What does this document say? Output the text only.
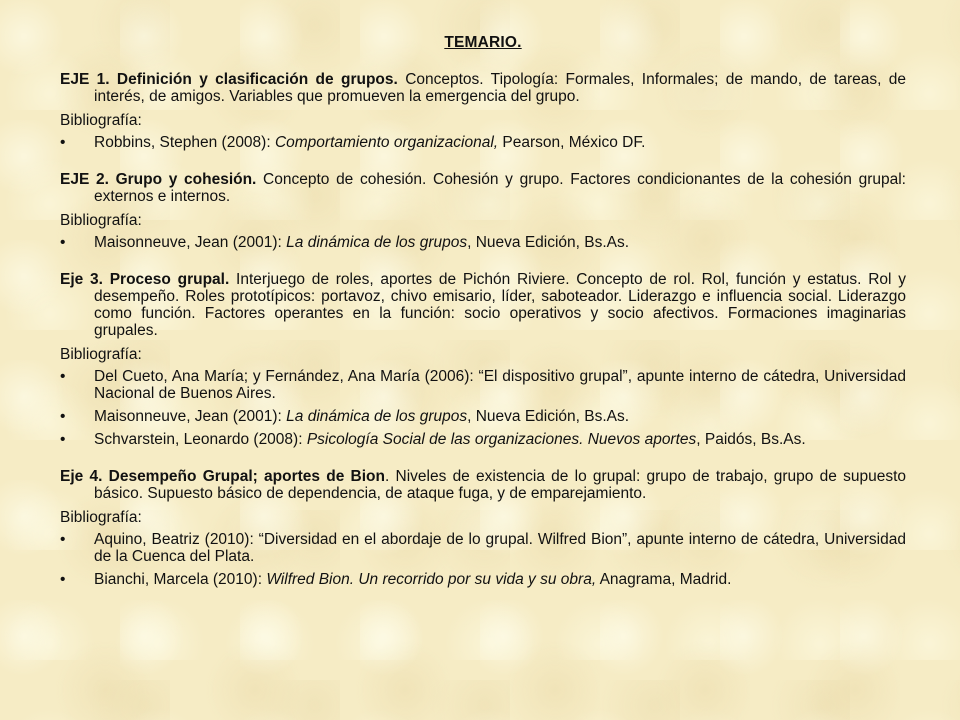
TEMARIO.

EJE 1. Definición y clasificación de grupos. Conceptos. Tipología: Formales, Informales; de mando, de tareas, de interés, de amigos. Variables que promueven la emergencia del grupo.

Bibliografía:
•	Robbins, Stephen (2008): Comportamiento organizacional, Pearson, México DF.

EJE 2. Grupo y cohesión. Concepto de cohesión. Cohesión y grupo. Factores condicionantes de la cohesión grupal: externos e internos.

Bibliografía:
•	Maisonneuve, Jean (2001): La dinámica de los grupos, Nueva Edición, Bs.As.

Eje 3. Proceso grupal. Interjuego de roles, aportes de Pichón Riviere. Concepto de rol. Rol, función y estatus. Rol y desempeño. Roles prototípicos: portavoz, chivo emisario, líder, saboteador. Liderazgo e influencia social. Liderazgo como función. Factores operantes en la función: socio operativos y socio afectivos. Formaciones imaginarias grupales.

Bibliografía:
•	Del Cueto, Ana María; y Fernández, Ana María (2006): “El dispositivo grupal”, apunte interno de cátedra, Universidad Nacional de Buenos Aires.
•	Maisonneuve, Jean (2001): La dinámica de los grupos, Nueva Edición, Bs.As.
•	Schvarstein, Leonardo (2008): Psicología Social de las organizaciones. Nuevos aportes, Paidós, Bs.As.

Eje 4. Desempeño Grupal; aportes de Bion. Niveles de existencia de lo grupal: grupo de trabajo, grupo de supuesto básico. Supuesto básico de dependencia, de ataque fuga, y de emparejamiento.

Bibliografía:
•	Aquino, Beatriz (2010): “Diversidad en el abordaje de lo grupal. Wilfred Bion”, apunte interno de cátedra, Universidad de la Cuenca del Plata.
•	Bianchi, Marcela (2010): Wilfred Bion. Un recorrido por su vida y su obra, Anagrama, Madrid.
